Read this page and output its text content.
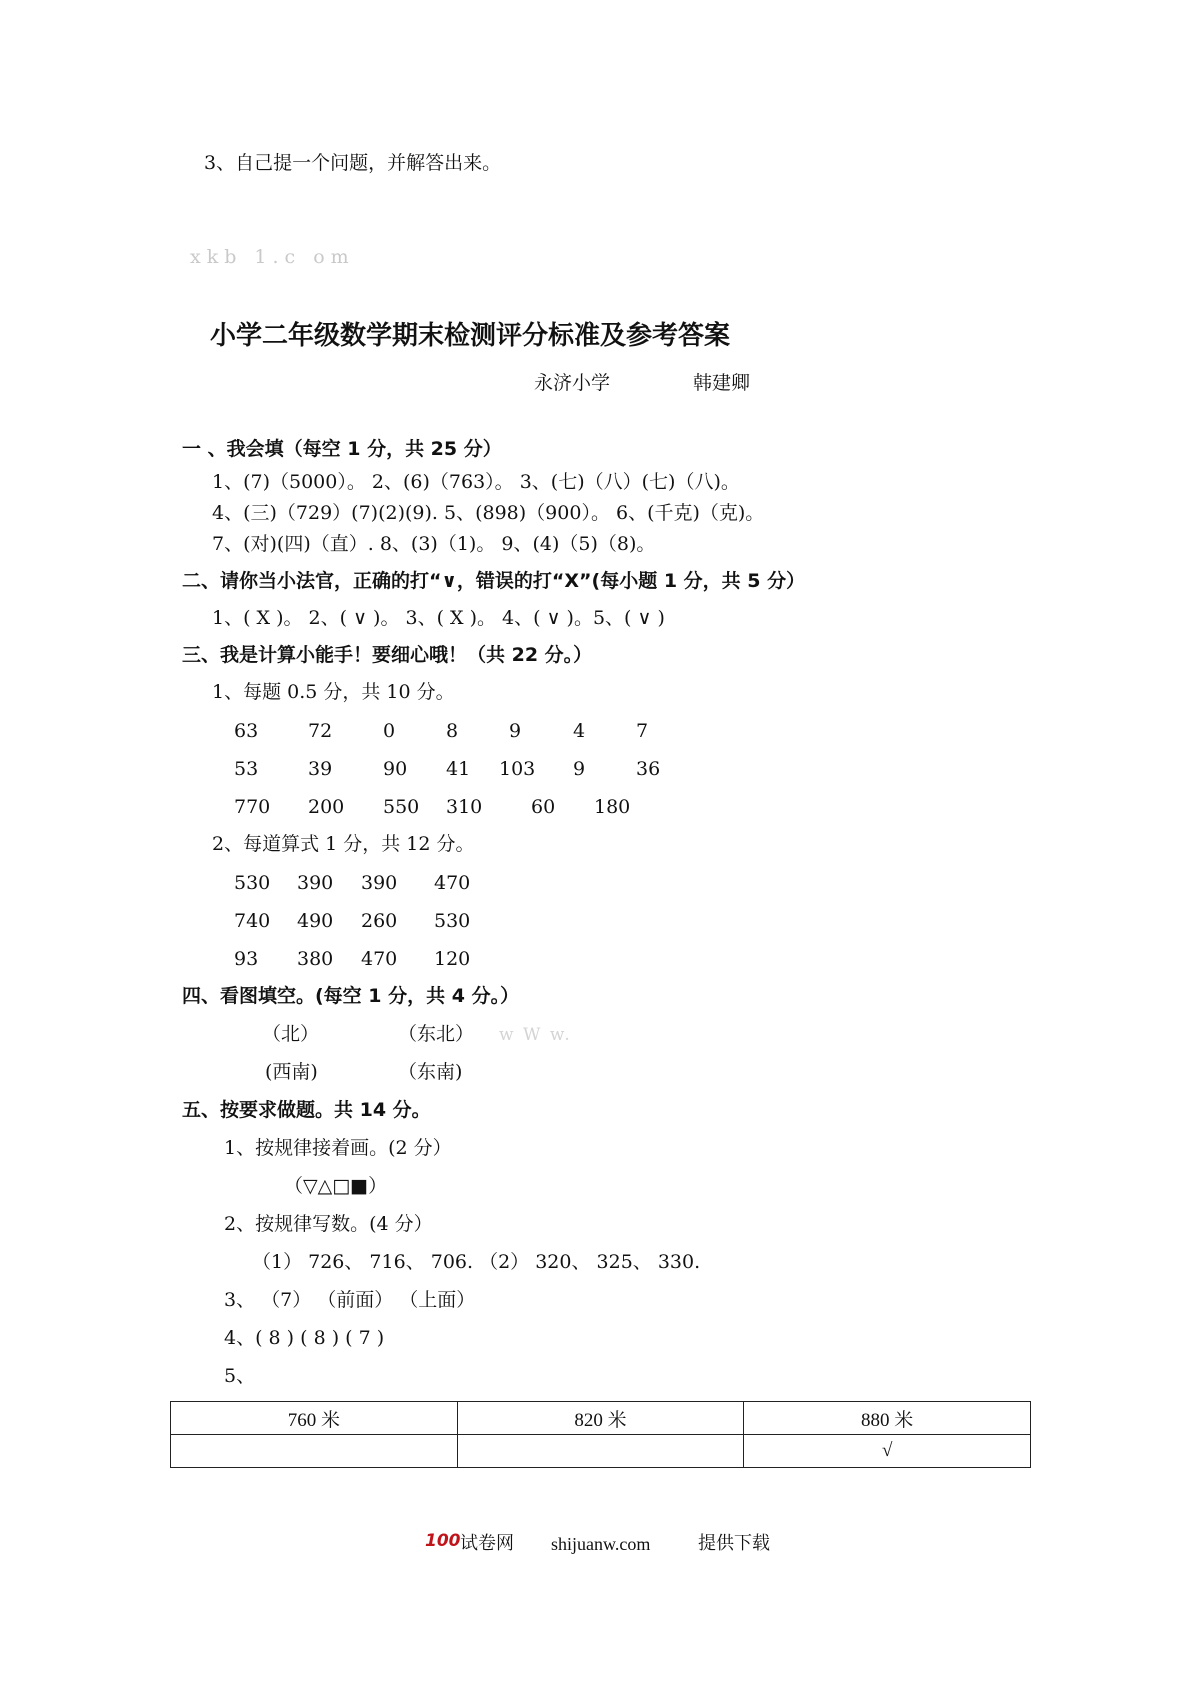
3、自己提一个问题，并解答出来。
xkb 1.c om
小学二年级数学期末检测评分标准及参考答案
永济小学	韩建卿
一 、我会填（每空 1 分，共 25 分）
1、(7)（5000）。 2、(6)（763）。 3、(七)（八）(七)（八)。
4、(三)（729）(7)(2)(9). 5、(898)（900）。 6、(千克)（克)。
7、(对)(四)（直）. 8、(3)（1)。 9、(4)（5)（8)。
二、请你当小法官，正确的打“∨，错误的打“X”(每小题 1 分，共 5 分）
1、( X )。 2、( ∨ )。 3、( X )。 4、( ∨ )。5、( ∨ )
三、我是计算小能手！要细心哦！（共 22 分。）
1、每题 0.5 分，共 10 分。
63	72	0	8	9	4	7
53	39	90 41 103 9	36
770 200 550 310	60 180
2、每道算式 1 分，共 12 分。
530 390 390 470
740 490 260 530
93 380 470 120
四、看图填空。(每空 1 分，共 4 分。）
（北）	（东北） w W w.
(西南)	（东南)
五、按要求做题。共 14 分。
1、按规律接着画。(2 分）
（▽△□■）
2、按规律写数。(4 分）
（1） 726、 716、 706. （2） 320、 325、 330.
3、 （7） （前面） （上面）
4、( 8 ) ( 8 ) ( 7 )
5、
760 米	820 米	880 米
		√
100 试卷网 shijuanw.com	提供下载
